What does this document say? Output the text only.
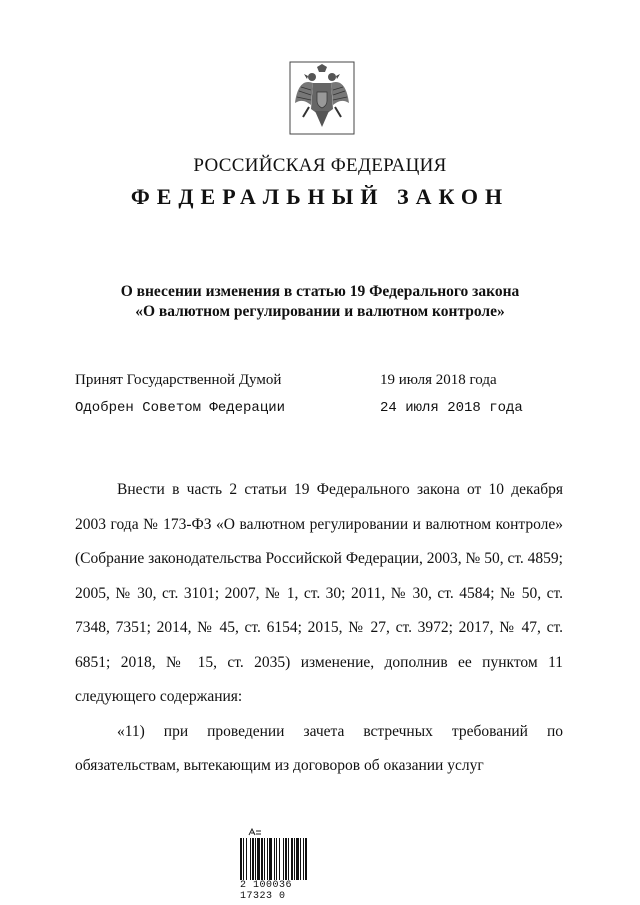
РОССИЙСКАЯ ФЕДЕРАЦИЯ
ФЕДЕРАЛЬНЫЙ ЗАКОН
О внесении изменения в статью 19 Федерального закона
«О валютном регулировании и валютном контроле»
Принят Государственной Думой	19 июля 2018 года
Одобрен Советом Федерации	24 июля 2018 года

Внести в часть 2 статьи 19 Федерального закона от 10 декабря 2003 года № 173-ФЗ «О валютном регулировании и валютном контроле» (Собрание законодательства Российской Федерации, 2003, № 50, ст. 4859; 2005, № 30, ст. 3101; 2007, № 1, ст. 30; 2011, № 30, ст. 4584; № 50, ст. 7348, 7351; 2014, № 45, ст. 6154; 2015, № 27, ст. 3972; 2017, № 47, ст. 6851; 2018, № 15, ст. 2035) изменение, дополнив ее пунктом 11 следующего содержания:

«11) при проведении зачета встречных требований по обязательствам, вытекающим из договоров об оказании услуг

2 100036 17323 0
